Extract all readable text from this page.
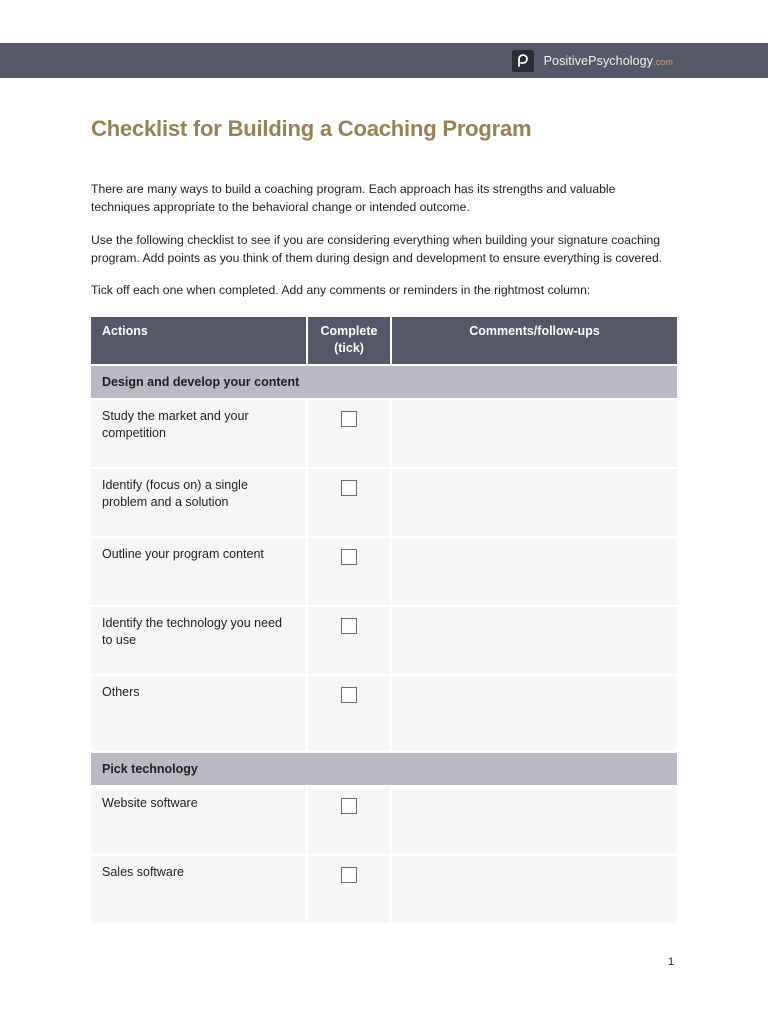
PositivePsychology.com
Checklist for Building a Coaching Program

There are many ways to build a coaching program. Each approach has its strengths and valuable techniques appropriate to the behavioral change or intended outcome.

Use the following checklist to see if you are considering everything when building your signature coaching program. Add points as you think of them during design and development to ensure everything is covered.

Tick off each one when completed. Add any comments or reminders in the rightmost column:

Actions	Complete (tick)
Comments/follow-ups
Design and develop your content
Study the market and your competition
Identify (focus on) a single problem and a solution
Outline your program content
Identify the technology you need to use
Others
Pick technology
Website software
Sales software
1
